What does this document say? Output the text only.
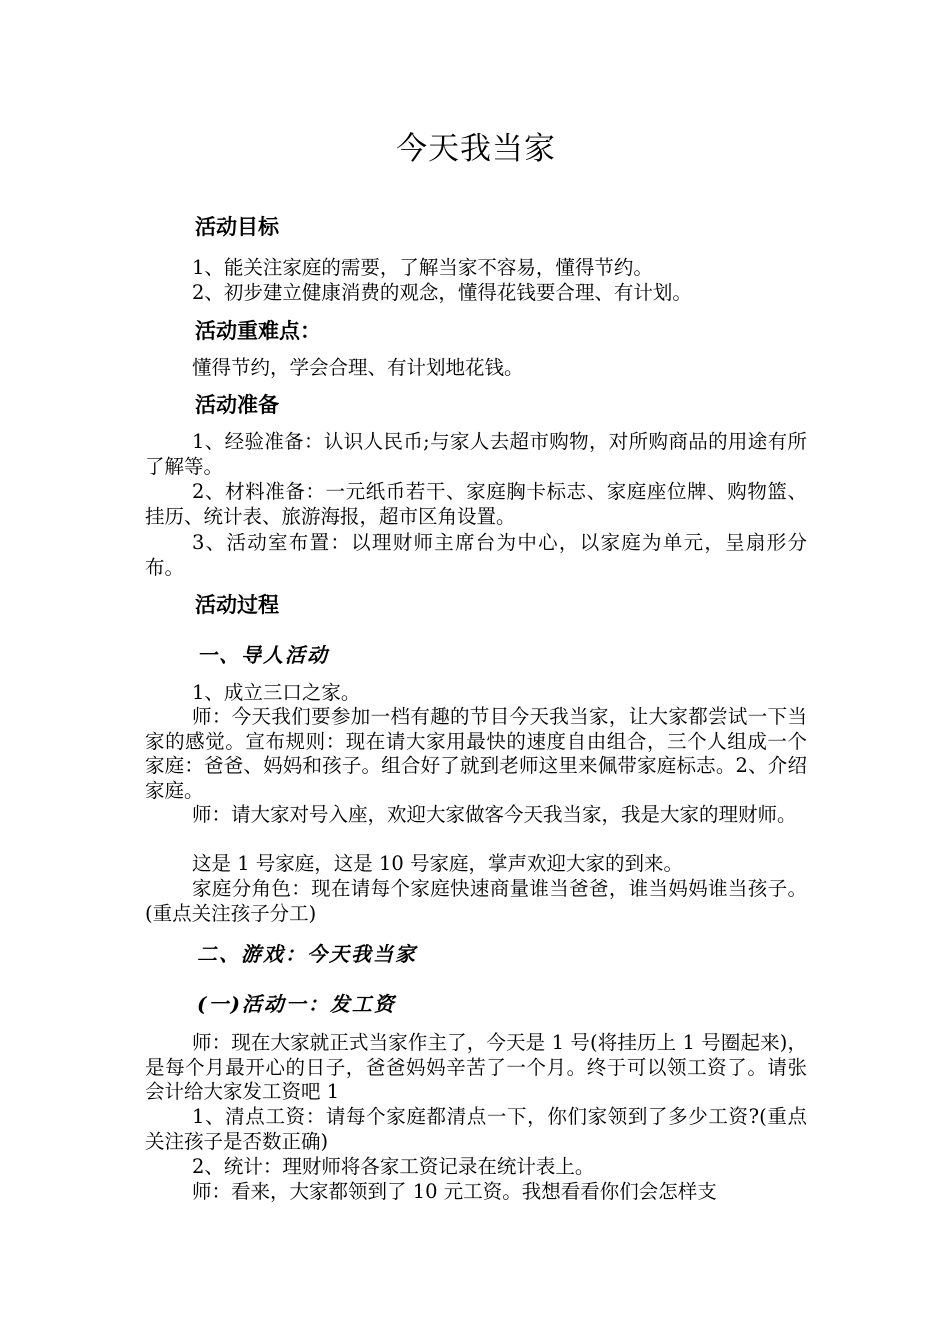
今天我当家
活动目标
1、能关注家庭的需要，了解当家不容易，懂得节约。
2、初步建立健康消费的观念，懂得花钱要合理、有计划。
活动重难点：
懂得节约，学会合理、有计划地花钱。
活动准备
1、经验准备：认识人民币;与家人去超市购物，对所购商品的用途有所了解等。
2、材料准备：一元纸币若干、家庭胸卡标志、家庭座位牌、购物篮、挂历、统计表、旅游海报，超市区角设置。
3、活动室布置：以理财师主席台为中心，以家庭为单元，呈扇形分布。
活动过程
一、导人活动
1、成立三口之家。
师：今天我们要参加一档有趣的节目今天我当家，让大家都尝试一下当家的感觉。宣布规则：现在请大家用最快的速度自由组合，三个人组成一个家庭：爸爸、妈妈和孩子。组合好了就到老师这里来佩带家庭标志。2、介绍家庭。
师：请大家对号入座，欢迎大家做客今天我当家，我是大家的理财师。
这是 1 号家庭，这是 10 号家庭，掌声欢迎大家的到来。
家庭分角色：现在请每个家庭快速商量谁当爸爸，谁当妈妈谁当孩子。(重点关注孩子分工)
二、游戏：今天我当家
(一)活动一：发工资
师：现在大家就正式当家作主了，今天是 1 号(将挂历上 1 号圈起来)，是每个月最开心的日子，爸爸妈妈辛苦了一个月。终于可以领工资了。请张会计给大家发工资吧 1
1、清点工资：请每个家庭都清点一下，你们家领到了多少工资?(重点关注孩子是否数正确)
2、统计：理财师将各家工资记录在统计表上。
师：看来，大家都领到了 10 元工资。我想看看你们会怎样支
